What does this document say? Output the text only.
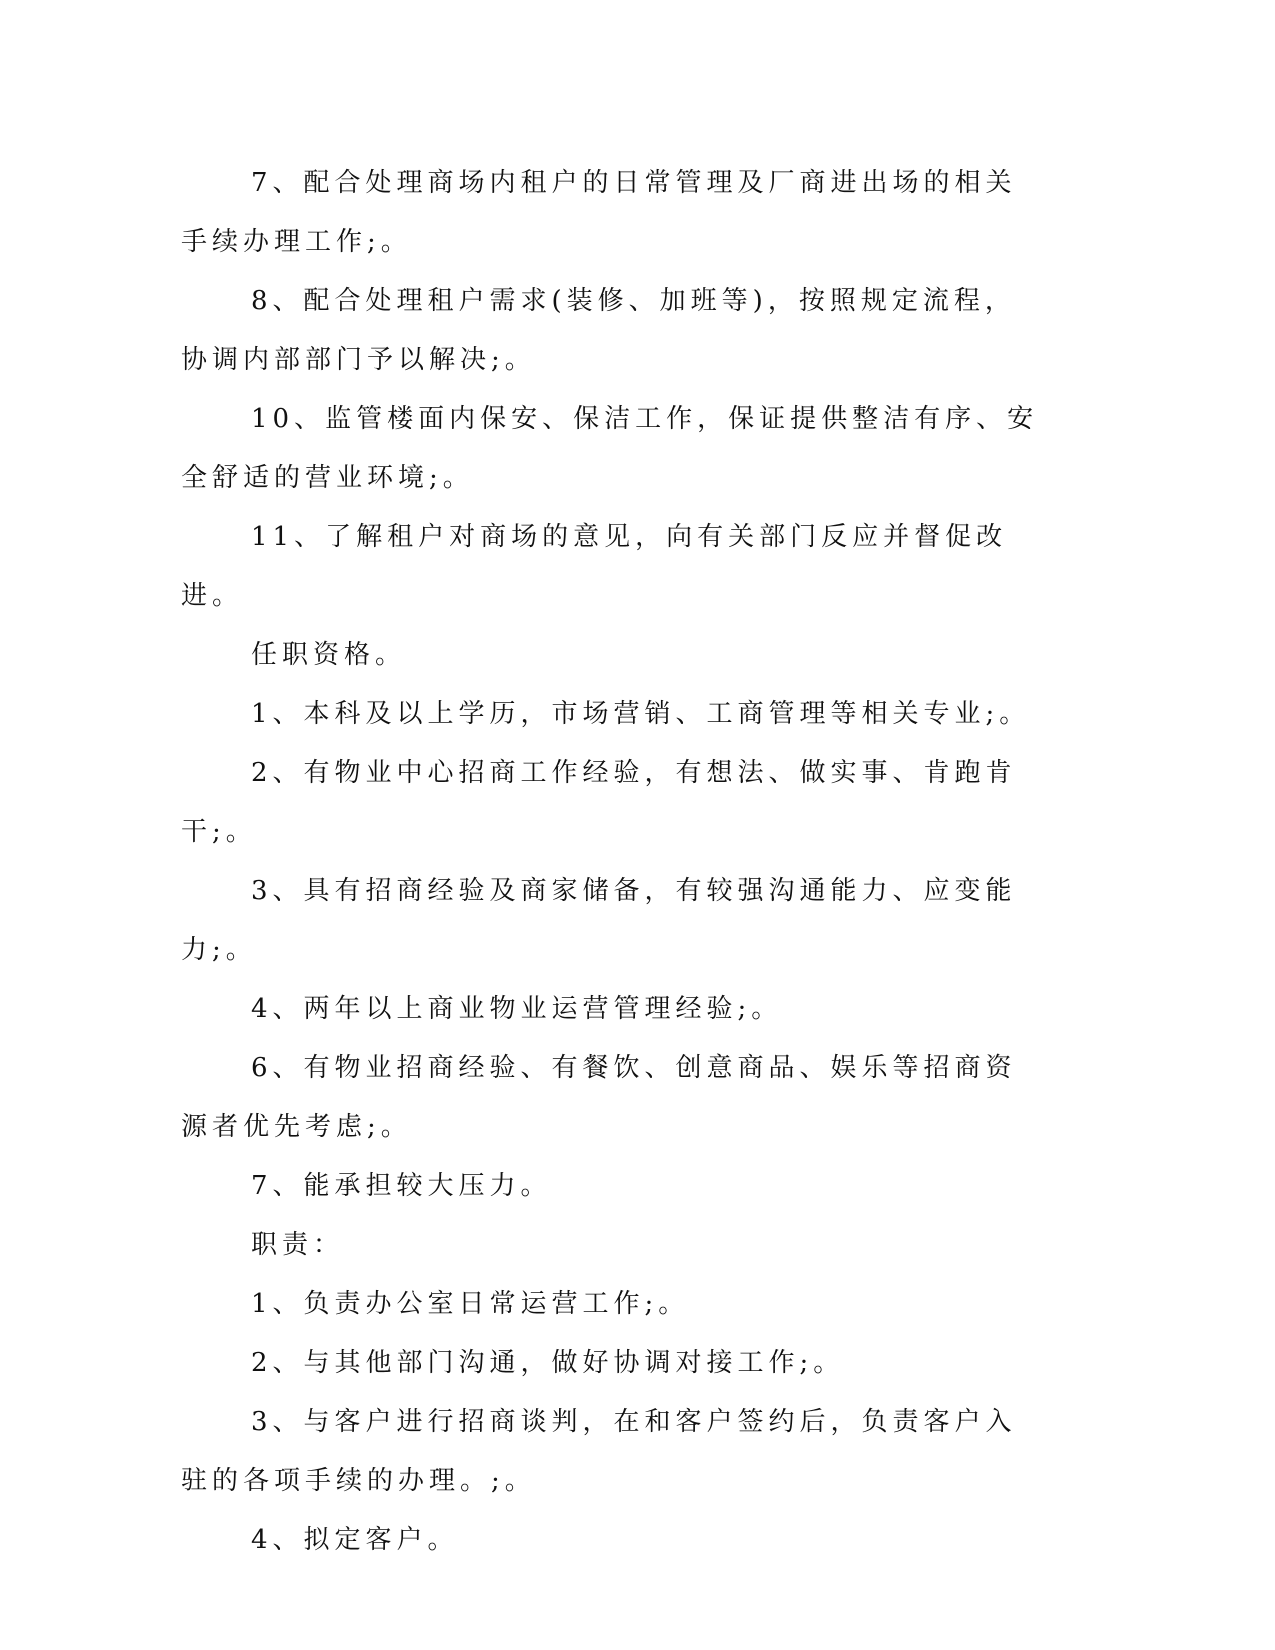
7、配合处理商场内租户的日常管理及厂商进出场的相关手续办理工作;。

8、配合处理租户需求(装修、加班等)，按照规定流程，协调内部部门予以解决;。

10、监管楼面内保安、保洁工作，保证提供整洁有序、安全舒适的营业环境;。

11、了解租户对商场的意见，向有关部门反应并督促改进。

任职资格。

1、本科及以上学历，市场营销、工商管理等相关专业;。

2、有物业中心招商工作经验，有想法、做实事、肯跑肯干;。

3、具有招商经验及商家储备，有较强沟通能力、应变能力;。

4、两年以上商业物业运营管理经验;。

6、有物业招商经验、有餐饮、创意商品、娱乐等招商资源者优先考虑;。

7、能承担较大压力。

职责：

1、负责办公室日常运营工作;。

2、与其他部门沟通，做好协调对接工作;。

3、与客户进行招商谈判，在和客户签约后，负责客户入驻的各项手续的办理。;。

4、拟定客户。
